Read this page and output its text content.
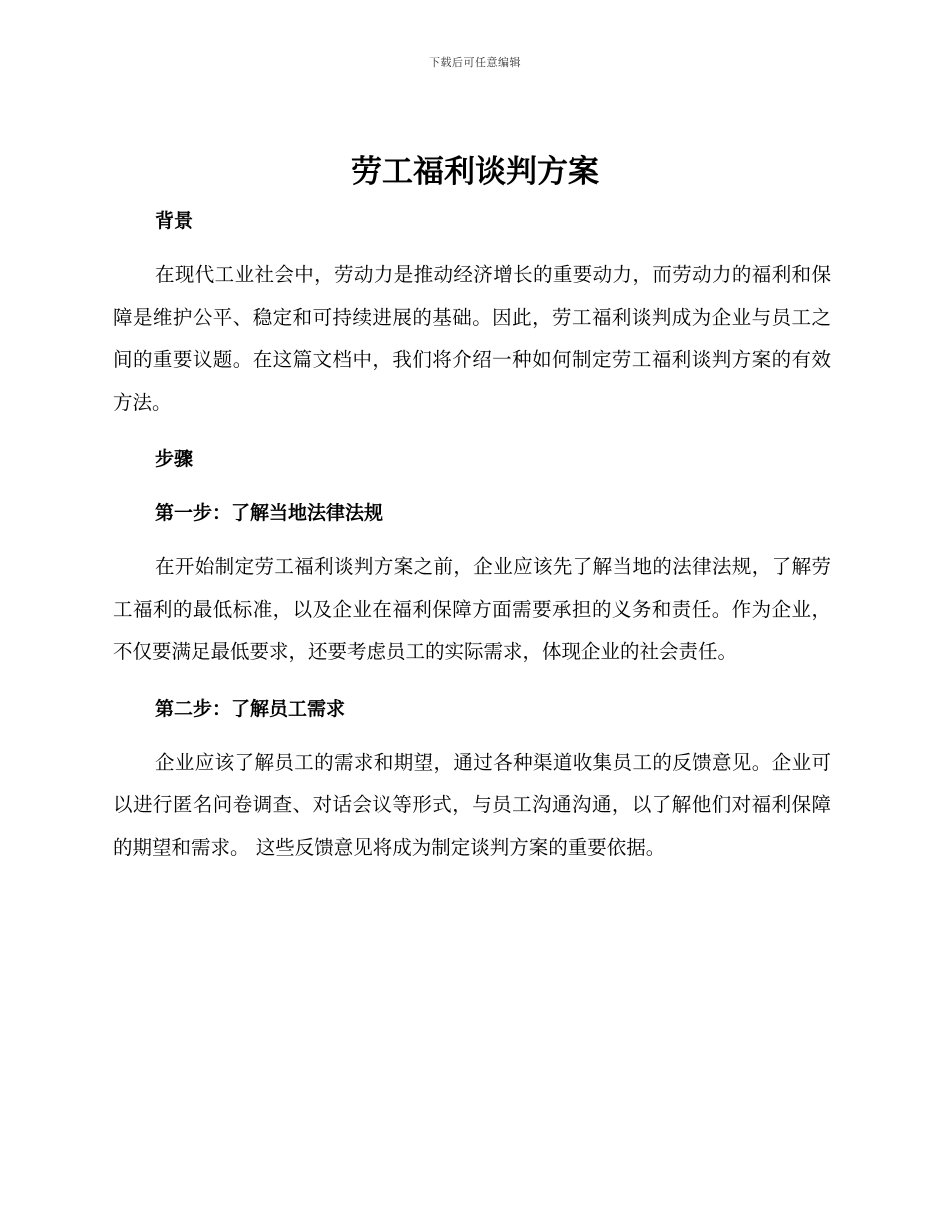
下载后可任意编辑
劳工福利谈判方案
背景

在现代工业社会中，劳动力是推动经济增长的重要动力，而劳动力的福利和保障是维护公平、稳定和可持续进展的基础。因此，劳工福利谈判成为企业与员工之间的重要议题。在这篇文档中，我们将介绍一种如何制定劳工福利谈判方案的有效方法。

步骤
第一步：了解当地法律法规

在开始制定劳工福利谈判方案之前，企业应该先了解当地的法律法规，了解劳工福利的最低标准，以及企业在福利保障方面需要承担的义务和责任。作为企业，不仅要满足最低要求，还要考虑员工的实际需求，体现企业的社会责任。

第二步：了解员工需求

企业应该了解员工的需求和期望，通过各种渠道收集员工的反馈意见。企业可以进行匿名问卷调查、对话会议等形式，与员工沟通沟通，以了解他们对福利保障的期望和需求。 这些反馈意见将成为制定谈判方案的重要依据。
